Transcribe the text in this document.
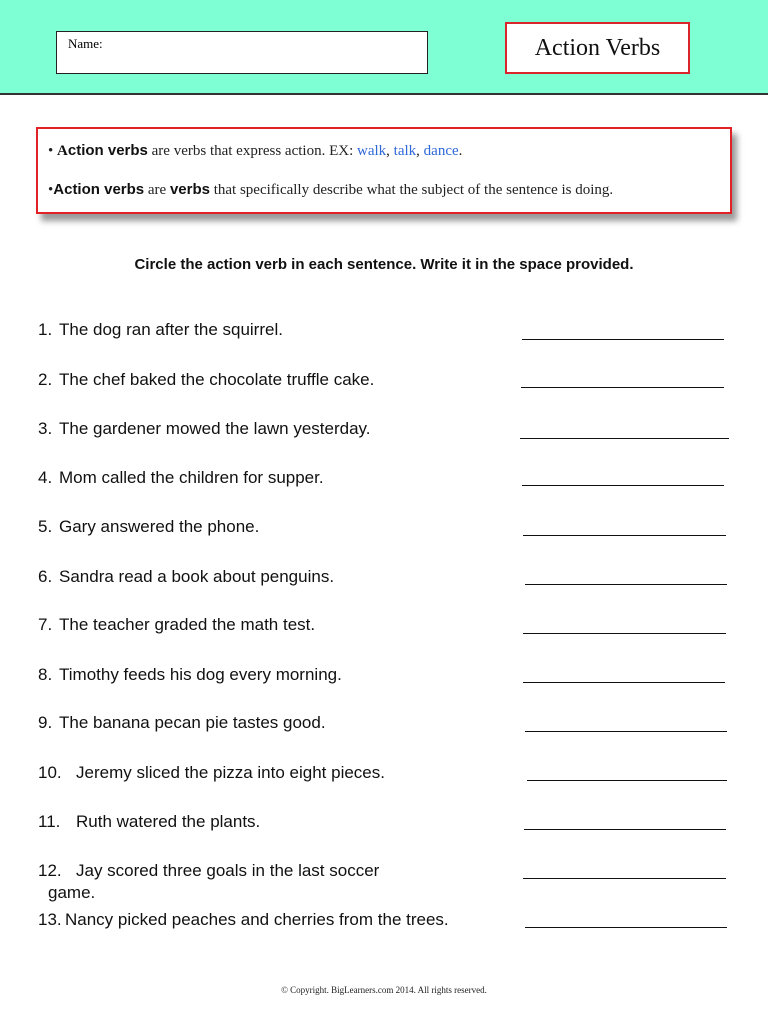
Name:	Action Verbs
• Action verbs are verbs that express action. EX: walk, talk, dance.
•Action verbs are verbs that specifically describe what the subject of the sentence is doing.
Circle the action verb in each sentence. Write it in the space provided.
1. The dog ran after the squirrel.
2. The chef baked the chocolate truffle cake.
3. The gardener mowed the lawn yesterday.
4. Mom called the children for supper.
5. Gary answered the phone.
6. Sandra read a book about penguins.
7. The teacher graded the math test.
8. Timothy feeds his dog every morning.
9. The banana pecan pie tastes good.
10. Jeremy sliced the pizza into eight pieces.
11. Ruth watered the plants.
12. Jay scored three goals in the last soccer
game.
13. Nancy picked peaches and cherries from the trees.
© Copyright. BigLearners.com 2014. All rights reserved.
